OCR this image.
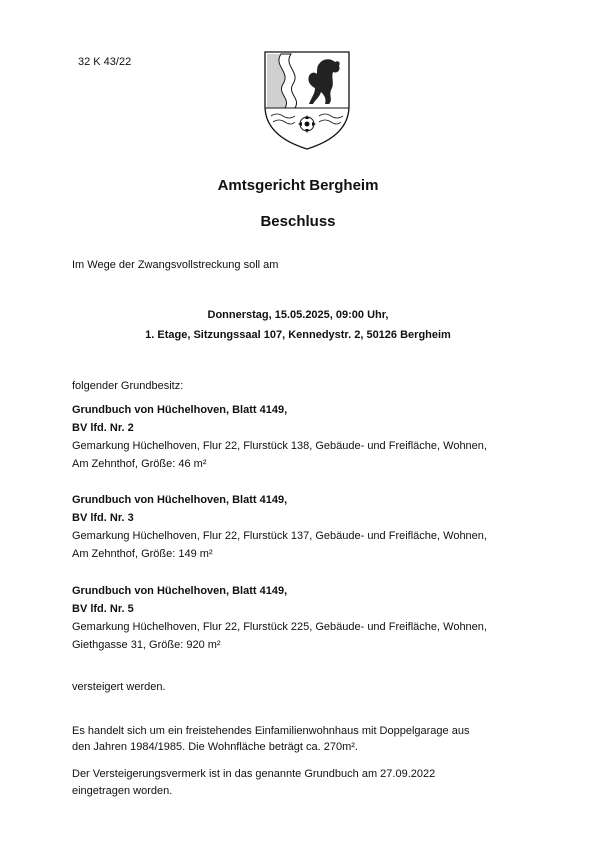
32 K 43/22
Amtsgericht Bergheim
Beschluss
Im Wege der Zwangsvollstreckung soll am
Donnerstag, 15.05.2025, 09:00 Uhr,
1. Etage, Sitzungssaal 107, Kennedystr. 2, 50126 Bergheim
folgender Grundbesitz:
Grundbuch von Hüchelhoven, Blatt 4149,
BV lfd. Nr. 2
Gemarkung Hüchelhoven, Flur 22, Flurstück 138, Gebäude- und Freifläche, Wohnen,
Am Zehnthof, Größe: 46 m²
Grundbuch von Hüchelhoven, Blatt 4149,
BV lfd. Nr. 3
Gemarkung Hüchelhoven, Flur 22, Flurstück 137, Gebäude- und Freifläche, Wohnen,
Am Zehnthof, Größe: 149 m²
Grundbuch von Hüchelhoven, Blatt 4149,
BV lfd. Nr. 5
Gemarkung Hüchelhoven, Flur 22, Flurstück 225, Gebäude- und Freifläche, Wohnen,
Giethgasse 31, Größe: 920 m²
versteigert werden.
Es handelt sich um ein freistehendes Einfamilienwohnhaus mit Doppelgarage aus
den Jahren 1984/1985. Die Wohnfläche beträgt ca. 270m².
Der Versteigerungsvermerk ist in das genannte Grundbuch am 27.09.2022
eingetragen worden.
